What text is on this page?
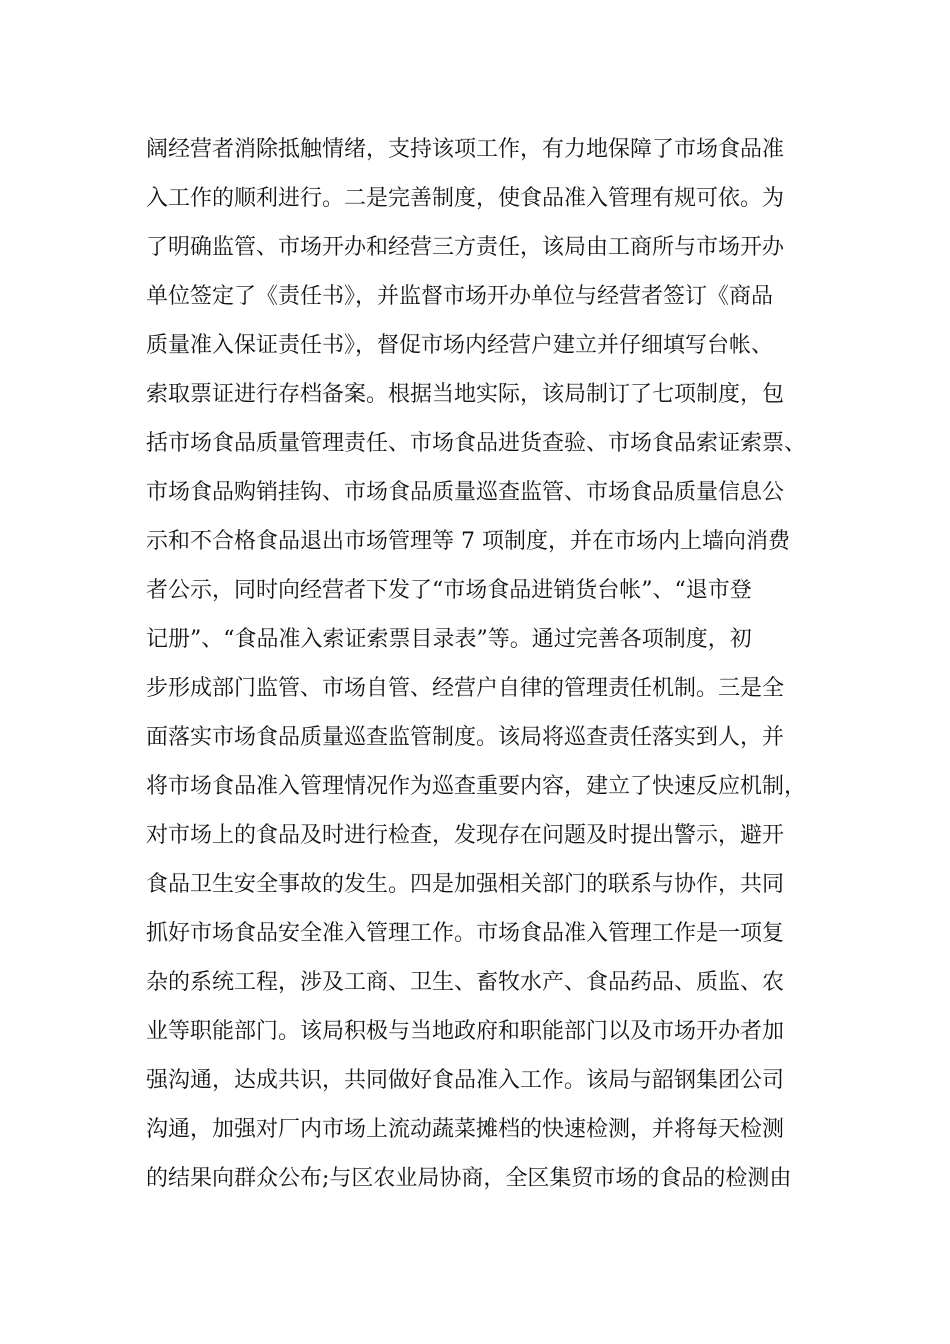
阔经营者消除抵触情绪，支持该项工作，有力地保障了市场食品准
入工作的顺利进行。二是完善制度，使食品准入管理有规可依。为
了明确监管、市场开办和经营三方责任，该局由工商所与市场开办
单位签定了《责任书》，并监督市场开办单位与经营者签订《商品
质量准入保证责任书》，督促市场内经营户建立并仔细填写台帐、
索取票证进行存档备案。根据当地实际，该局制订了七项制度，包
括市场食品质量管理责任、市场食品进货查验、市场食品索证索票、
市场食品购销挂钩、市场食品质量巡查监管、市场食品质量信息公
示和不合格食品退出市场管理等 7 项制度，并在市场内上墙向消费
者公示，同时向经营者下发了“市场食品进销货台帐”、“退市登
记册”、“食品准入索证索票目录表”等。通过完善各项制度，初
步形成部门监管、市场自管、经营户自律的管理责任机制。三是全
面落实市场食品质量巡查监管制度。该局将巡查责任落实到人，并
将市场食品准入管理情况作为巡查重要内容，建立了快速反应机制，
对市场上的食品及时进行检查，发现存在问题及时提出警示，避开
食品卫生安全事故的发生。四是加强相关部门的联系与协作，共同
抓好市场食品安全准入管理工作。市场食品准入管理工作是一项复
杂的系统工程，涉及工商、卫生、畜牧水产、食品药品、质监、农
业等职能部门。该局积极与当地政府和职能部门以及市场开办者加
强沟通，达成共识，共同做好食品准入工作。该局与韶钢集团公司
沟通，加强对厂内市场上流动蔬菜摊档的快速检测，并将每天检测
的结果向群众公布;与区农业局协商，全区集贸市场的食品的检测由
